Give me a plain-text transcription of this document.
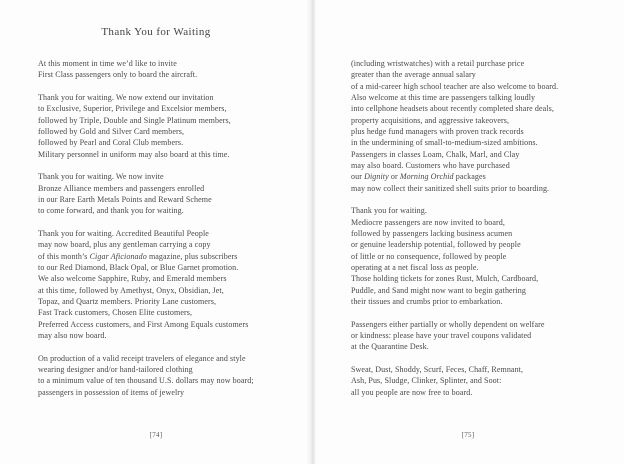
Thank You for Waiting
At this moment in time we’d like to invite
First Class passengers only to board the aircraft.
Thank you for waiting. We now extend our invitation
to Exclusive, Superior, Privilege and Excelsior members,
followed by Triple, Double and Single Platinum members,
followed by Gold and Silver Card members,
followed by Pearl and Coral Club members.
Military personnel in uniform may also board at this time.
Thank you for waiting. We now invite
Bronze Alliance members and passengers enrolled
in our Rare Earth Metals Points and Reward Scheme
to come forward, and thank you for waiting.
Thank you for waiting. Accredited Beautiful People
may now board, plus any gentleman carrying a copy
of this month’s Cigar Aficionado magazine, plus subscribers
to our Red Diamond, Black Opal, or Blue Garnet promotion.
We also welcome Sapphire, Ruby, and Emerald members
at this time, followed by Amethyst, Onyx, Obsidian, Jet,
Topaz, and Quartz members. Priority Lane customers,
Fast Track customers, Chosen Elite customers,
Preferred Access customers, and First Among Equals customers
may also now board.
On production of a valid receipt travelers of elegance and style
wearing designer and/or hand-tailored clothing
to a minimum value of ten thousand U.S. dollars may now board;
passengers in possession of items of jewelry
[74]
(including wristwatches) with a retail purchase price
greater than the average annual salary
of a mid-career high school teacher are also welcome to board.
Also welcome at this time are passengers talking loudly
into cellphone headsets about recently completed share deals,
property acquisitions, and aggressive takeovers,
plus hedge fund managers with proven track records
in the undermining of small-to-medium-sized ambitions.
Passengers in classes Loam, Chalk, Marl, and Clay
may also board. Customers who have purchased
our Dignity or Morning Orchid packages
may now collect their sanitized shell suits prior to boarding.
Thank you for waiting.
Mediocre passengers are now invited to board,
followed by passengers lacking business acumen
or genuine leadership potential, followed by people
of little or no consequence, followed by people
operating at a net fiscal loss as people.
Those holding tickets for zones Rust, Mulch, Cardboard,
Puddle, and Sand might now want to begin gathering
their tissues and crumbs prior to embarkation.
Passengers either partially or wholly dependent on welfare
or kindness: please have your travel coupons validated
at the Quarantine Desk.
Sweat, Dust, Shoddy, Scurf, Feces, Chaff, Remnant,
Ash, Pus, Sludge, Clinker, Splinter, and Soot:
all you people are now free to board.
[75]
